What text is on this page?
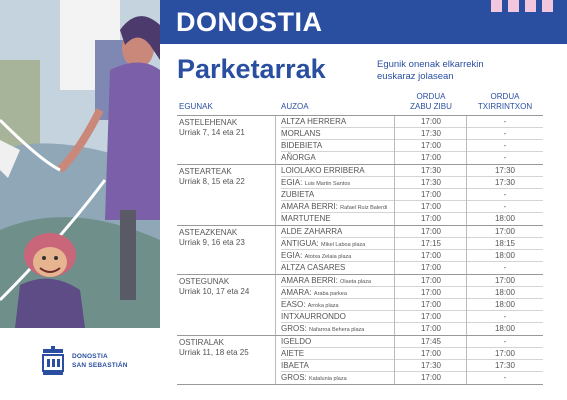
DONOSTIA
SAN SEBASTIÁN
DONOSTIA
Parketarrak	Egunik onenak elkarrekin euskaraz jolasean
EGUNAK	AUZOA
ORDUA
ZABU ZIBU
ORDUA
TXIRRINTXON
ASTELEHENAK
Urriak 7, 14 eta 21
ALTZA HERRERA	17:00	-
MORLANS	17:30	-
BIDEBIETA	17:00	-
AÑORGA	17:00	-
ASTEARTEAK
Urriak 8, 15 eta 22
LOIOLAKO ERRIBERA	17:30	17:30
EGIA: Luis Martin Santos	17:30	17:30
ZUBIETA	17:00	-
AMARA BERRI: Rafael Ruiz Balerdi	17:00	-
MARTUTENE	17:00	18:00
ASTEAZKENAK
Urriak 9, 16 eta 23
ALDE ZAHARRA	17:00	17:00
ANTIGUA: Mikel Laboa plaza	17:15	18:15
EGIA: Atotxa Zelaia plaza	17:00	18:00
ALTZA CASARES	17:00	-
OSTEGUNAK
Urriak 10, 17 eta 24
AMARA BERRI: Olaeta plaza	17:00	17:00
AMARA: Araba parkea	17:00	18:00
EASO: Arroka plaza	17:00	18:00
INTXAURRONDO	17:00	-
GROS: Nafarroa Behera plaza	17:00	18:00
OSTIRALAK
Urriak 11, 18 eta 25
IGELDO	17:45	-
AIETE	17:00	17:00
IBAETA	17:30	17:30
GROS: Katalunia plaza	17:00	-
